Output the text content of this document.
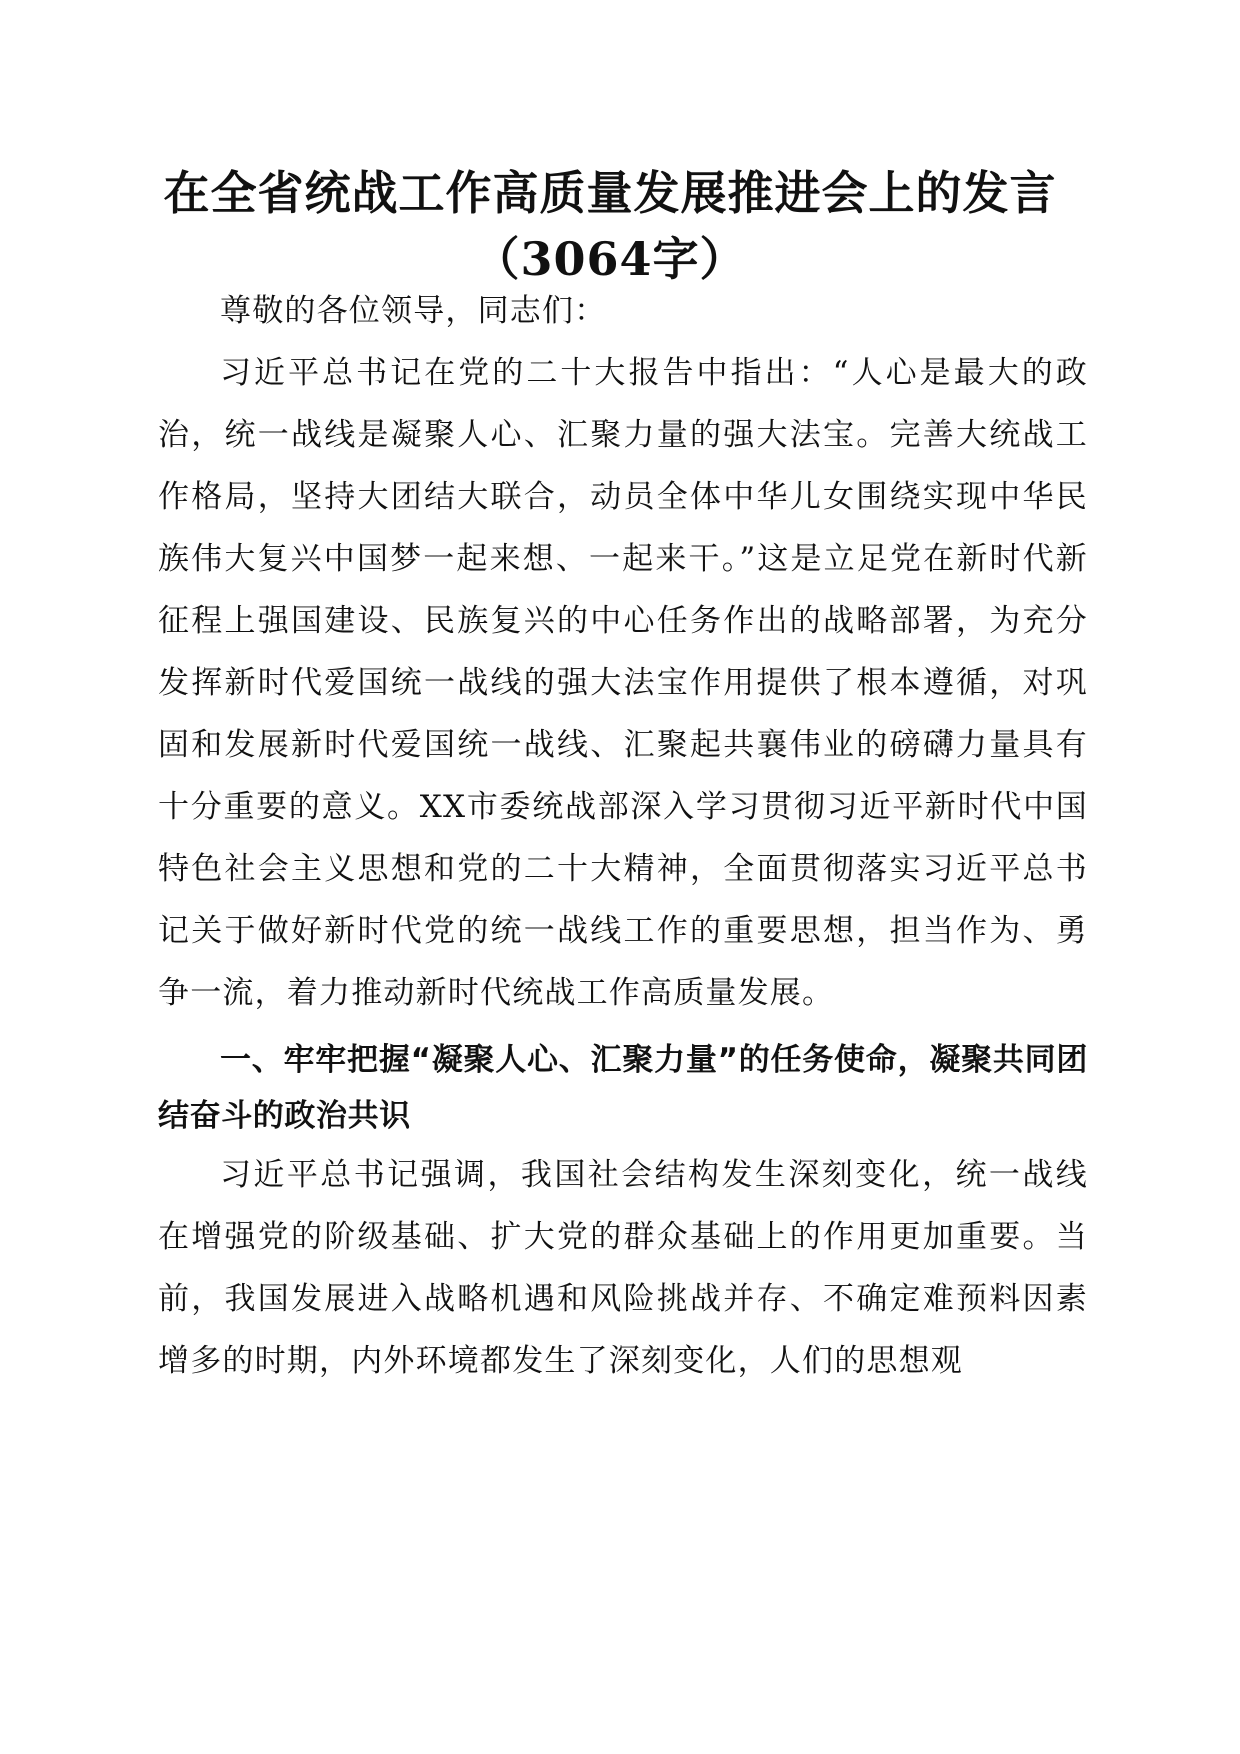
在全省统战工作高质量发展推进会上的发言
（3064字）

尊敬的各位领导，同志们：

习近平总书记在党的二十大报告中指出：“人心是最大的政治，统一战线是凝聚人心、汇聚力量的强大法宝。完善大统战工作格局，坚持大团结大联合，动员全体中华儿女围绕实现中华民族伟大复兴中国梦一起来想、一起来干。”这是立足党在新时代新征程上强国建设、民族复兴的中心任务作出的战略部署，为充分发挥新时代爱国统一战线的强大法宝作用提供了根本遵循，对巩固和发展新时代爱国统一战线、汇聚起共襄伟业的磅礴力量具有十分重要的意义。XX市委统战部深入学习贯彻习近平新时代中国特色社会主义思想和党的二十大精神，全面贯彻落实习近平总书记关于做好新时代党的统一战线工作的重要思想，担当作为、勇争一流，着力推动新时代统战工作高质量发展。

一、牢牢把握“凝聚人心、汇聚力量”的任务使命，凝聚共同团结奋斗的政治共识

习近平总书记强调，我国社会结构发生深刻变化，统一战线在增强党的阶级基础、扩大党的群众基础上的作用更加重要。当前，我国发展进入战略机遇和风险挑战并存、不确定难预料因素增多的时期，内外环境都发生了深刻变化，人们的思想观
